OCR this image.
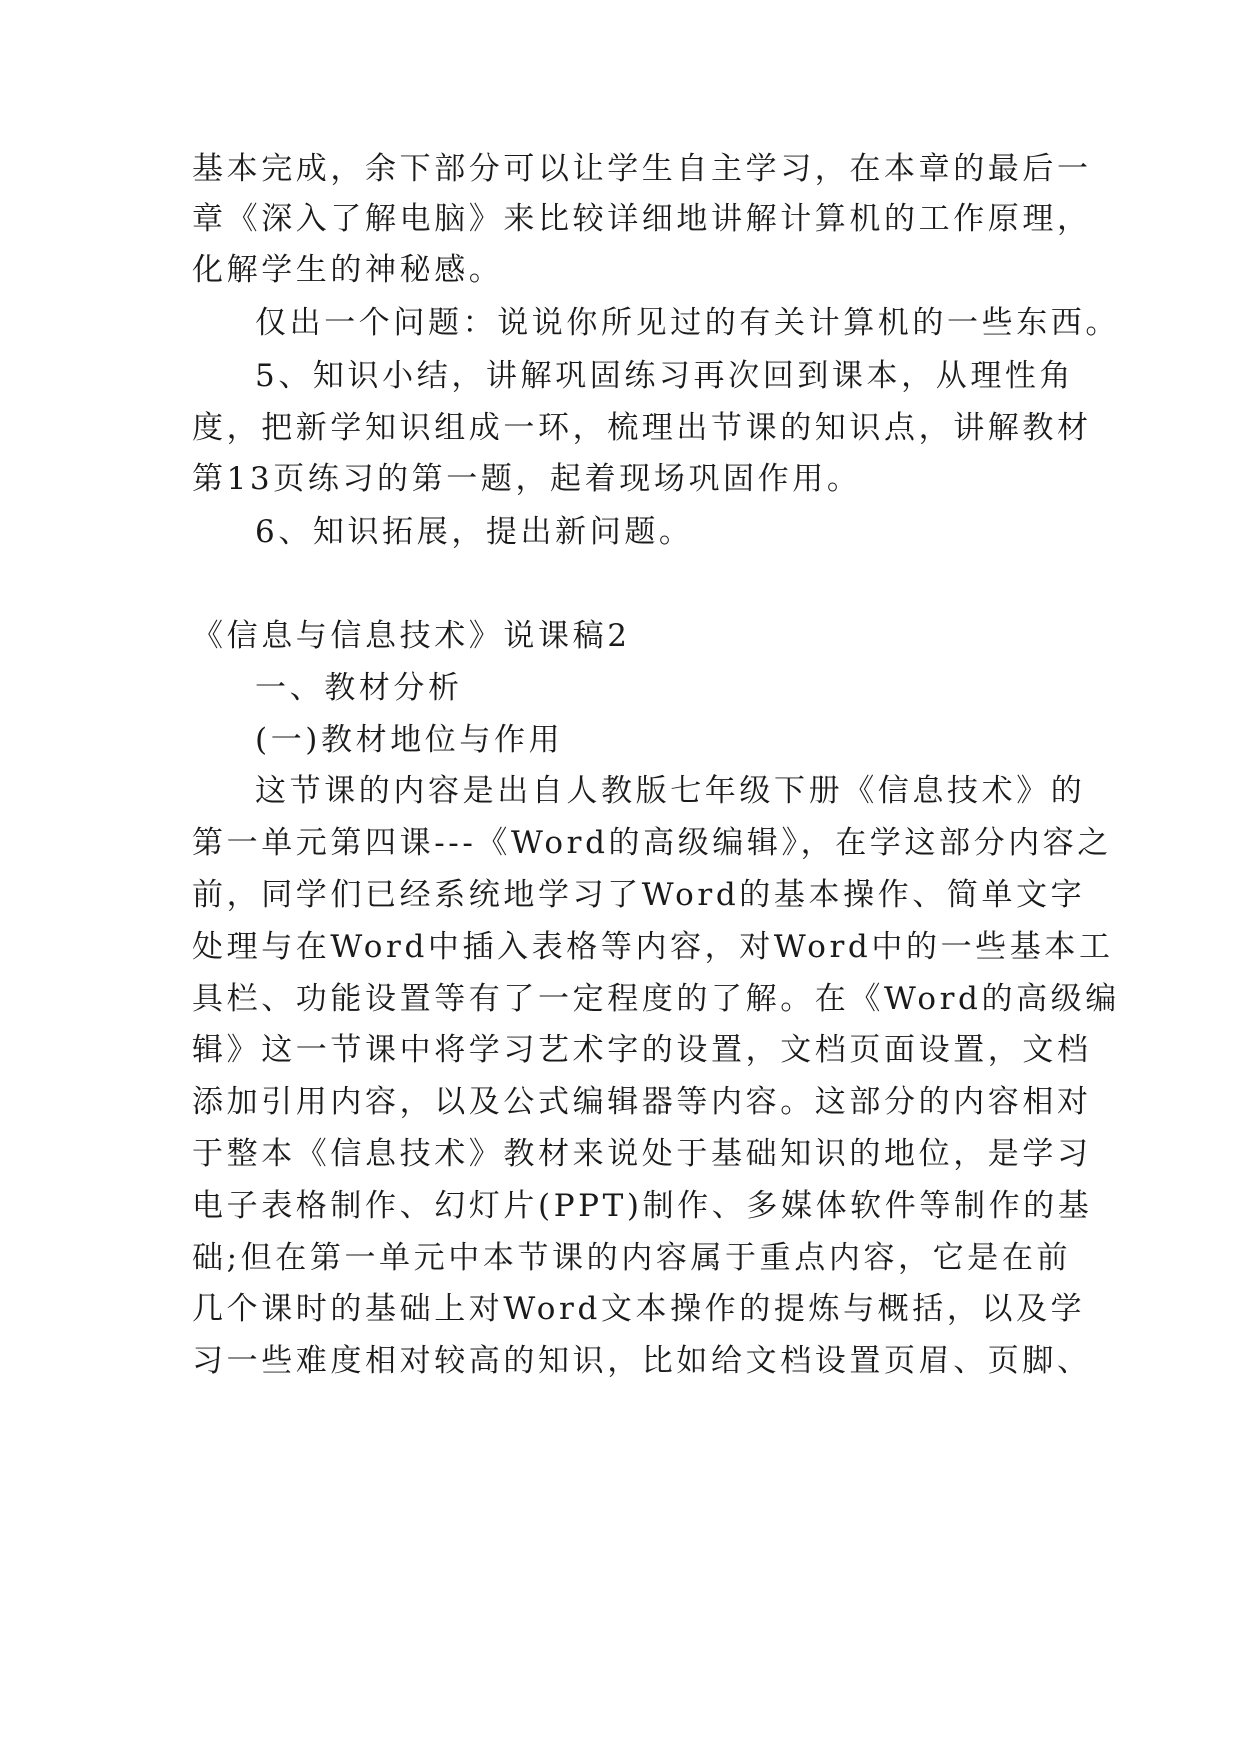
基本完成，余下部分可以让学生自主学习，在本章的最后一
章《深入了解电脑》来比较详细地讲解计算机的工作原理，
化解学生的神秘感。
仅出一个问题：说说你所见过的有关计算机的一些东西。
5、知识小结，讲解巩固练习再次回到课本，从理性角
度，把新学知识组成一环，梳理出节课的知识点，讲解教材
第13页练习的第一题，起着现场巩固作用。
6、知识拓展，提出新问题。
《信息与信息技术》说课稿2
一、教材分析
(一)教材地位与作用
这节课的内容是出自人教版七年级下册《信息技术》的
第一单元第四课---《Word的高级编辑》，在学这部分内容之
前，同学们已经系统地学习了Word的基本操作、简单文字
处理与在Word中插入表格等内容，对Word中的一些基本工
具栏、功能设置等有了一定程度的了解。在《Word的高级编
辑》这一节课中将学习艺术字的设置，文档页面设置，文档
添加引用内容，以及公式编辑器等内容。这部分的内容相对
于整本《信息技术》教材来说处于基础知识的地位，是学习
电子表格制作、幻灯片(PPT)制作、多媒体软件等制作的基
础;但在第一单元中本节课的内容属于重点内容，它是在前
几个课时的基础上对Word文本操作的提炼与概括，以及学
习一些难度相对较高的知识，比如给文档设置页眉、页脚、
